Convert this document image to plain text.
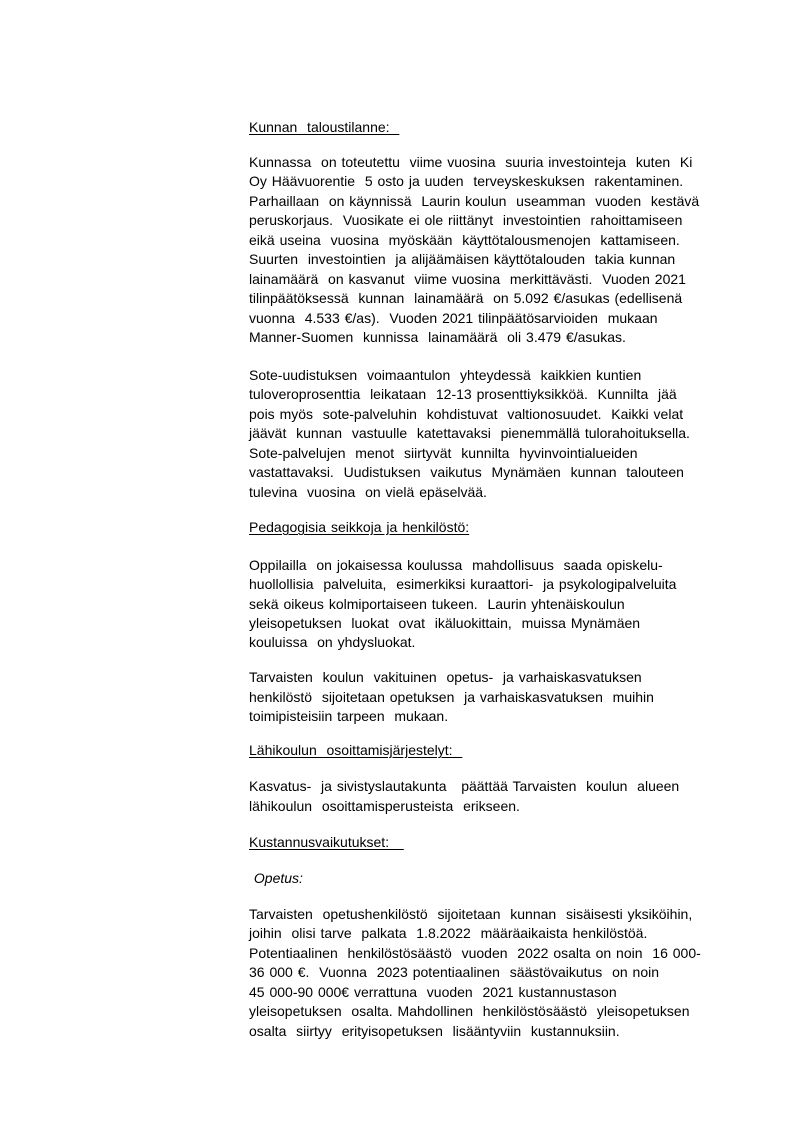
Kunnan  taloustilanne:
Kunnassa  on toteutettu  viime vuosina  suuria investointeja  kuten  Ki
Oy Häävuorentie  5 osto ja uuden  terveyskeskuksen  rakentaminen.
Parhaillaan  on käynnissä  Laurin koulun  useamman  vuoden  kestävä
peruskorjaus.  Vuosikate ei ole riittänyt  investointien  rahoittamiseen
eikä useina  vuosina  myöskään  käyttötalousmenojen  kattamiseen.
Suurten  investointien  ja alijäämäisen käyttötalouden  takia kunnan
lainamäärä  on kasvanut  viime vuosina  merkittävästi.  Vuoden 2021
tilinpäätöksessä  kunnan  lainamäärä  on 5.092 €/asukas (edellisenä
vuonna  4.533 €/as).  Vuoden 2021 tilinpäätösarvioiden  mukaan
Manner-Suomen  kunnissa  lainamäärä  oli 3.479 €/asukas.
Sote-uudistuksen  voimaantulon  yhteydessä  kaikkien kuntien
tuloveroprosenttia  leikataan  12-13 prosenttiyksikköä.  Kunnilta  jää
pois myös  sote-palveluhin  kohdistuvat  valtionosuudet.  Kaikki velat
jäävät  kunnan  vastuulle  katettavaksi  pienemmällä tulorahoituksella.
Sote-palvelujen  menot  siirtyvät  kunnilta  hyvinvointialueiden
vastattavaksi.  Uudistuksen  vaikutus  Mynämäen  kunnan  talouteen
tulevina  vuosina  on vielä epäselvää.
Pedagogisia seikkoja ja henkilöstö:
Oppilailla  on jokaisessa koulussa  mahdollisuus  saada opiskelu-
huollollisia  palveluita,  esimerkiksi kuraattori-  ja psykologipalveluita
sekä oikeus kolmiportaiseen tukeen.  Laurin yhtenäiskoulun
yleisopetuksen  luokat  ovat  ikäluokittain,  muissa Mynämäen
kouluissa  on yhdysluokat.
Tarvaisten  koulun  vakituinen  opetus-  ja varhaiskasvatuksen
henkilöstö  sijoitetaan opetuksen  ja varhaiskasvatuksen  muihin
toimipisteisiin tarpeen  mukaan.
Lähikoulun  osoittamisjärjestelyt:
Kasvatus-  ja sivistyslautakunta   päättää Tarvaisten  koulun  alueen
lähikoulun  osoittamisperusteista  erikseen.
Kustannusvaikutukset:
Opetus:
Tarvaisten  opetushenkilöstö  sijoitetaan  kunnan  sisäisesti yksiköihin,
joihin  olisi tarve  palkata  1.8.2022  määräaikaista henkilöstöä.
Potentiaalinen  henkilöstösäästö  vuoden  2022 osalta on noin  16 000-
36 000 €.  Vuonna  2023 potentiaalinen  säästövaikutus  on noin
45 000-90 000€ verrattuna  vuoden  2021 kustannustason
yleisopetuksen  osalta. Mahdollinen  henkilöstösäästö  yleisopetuksen
osalta  siirtyy  erityisopetuksen  lisääntyviin  kustannuksiin.
